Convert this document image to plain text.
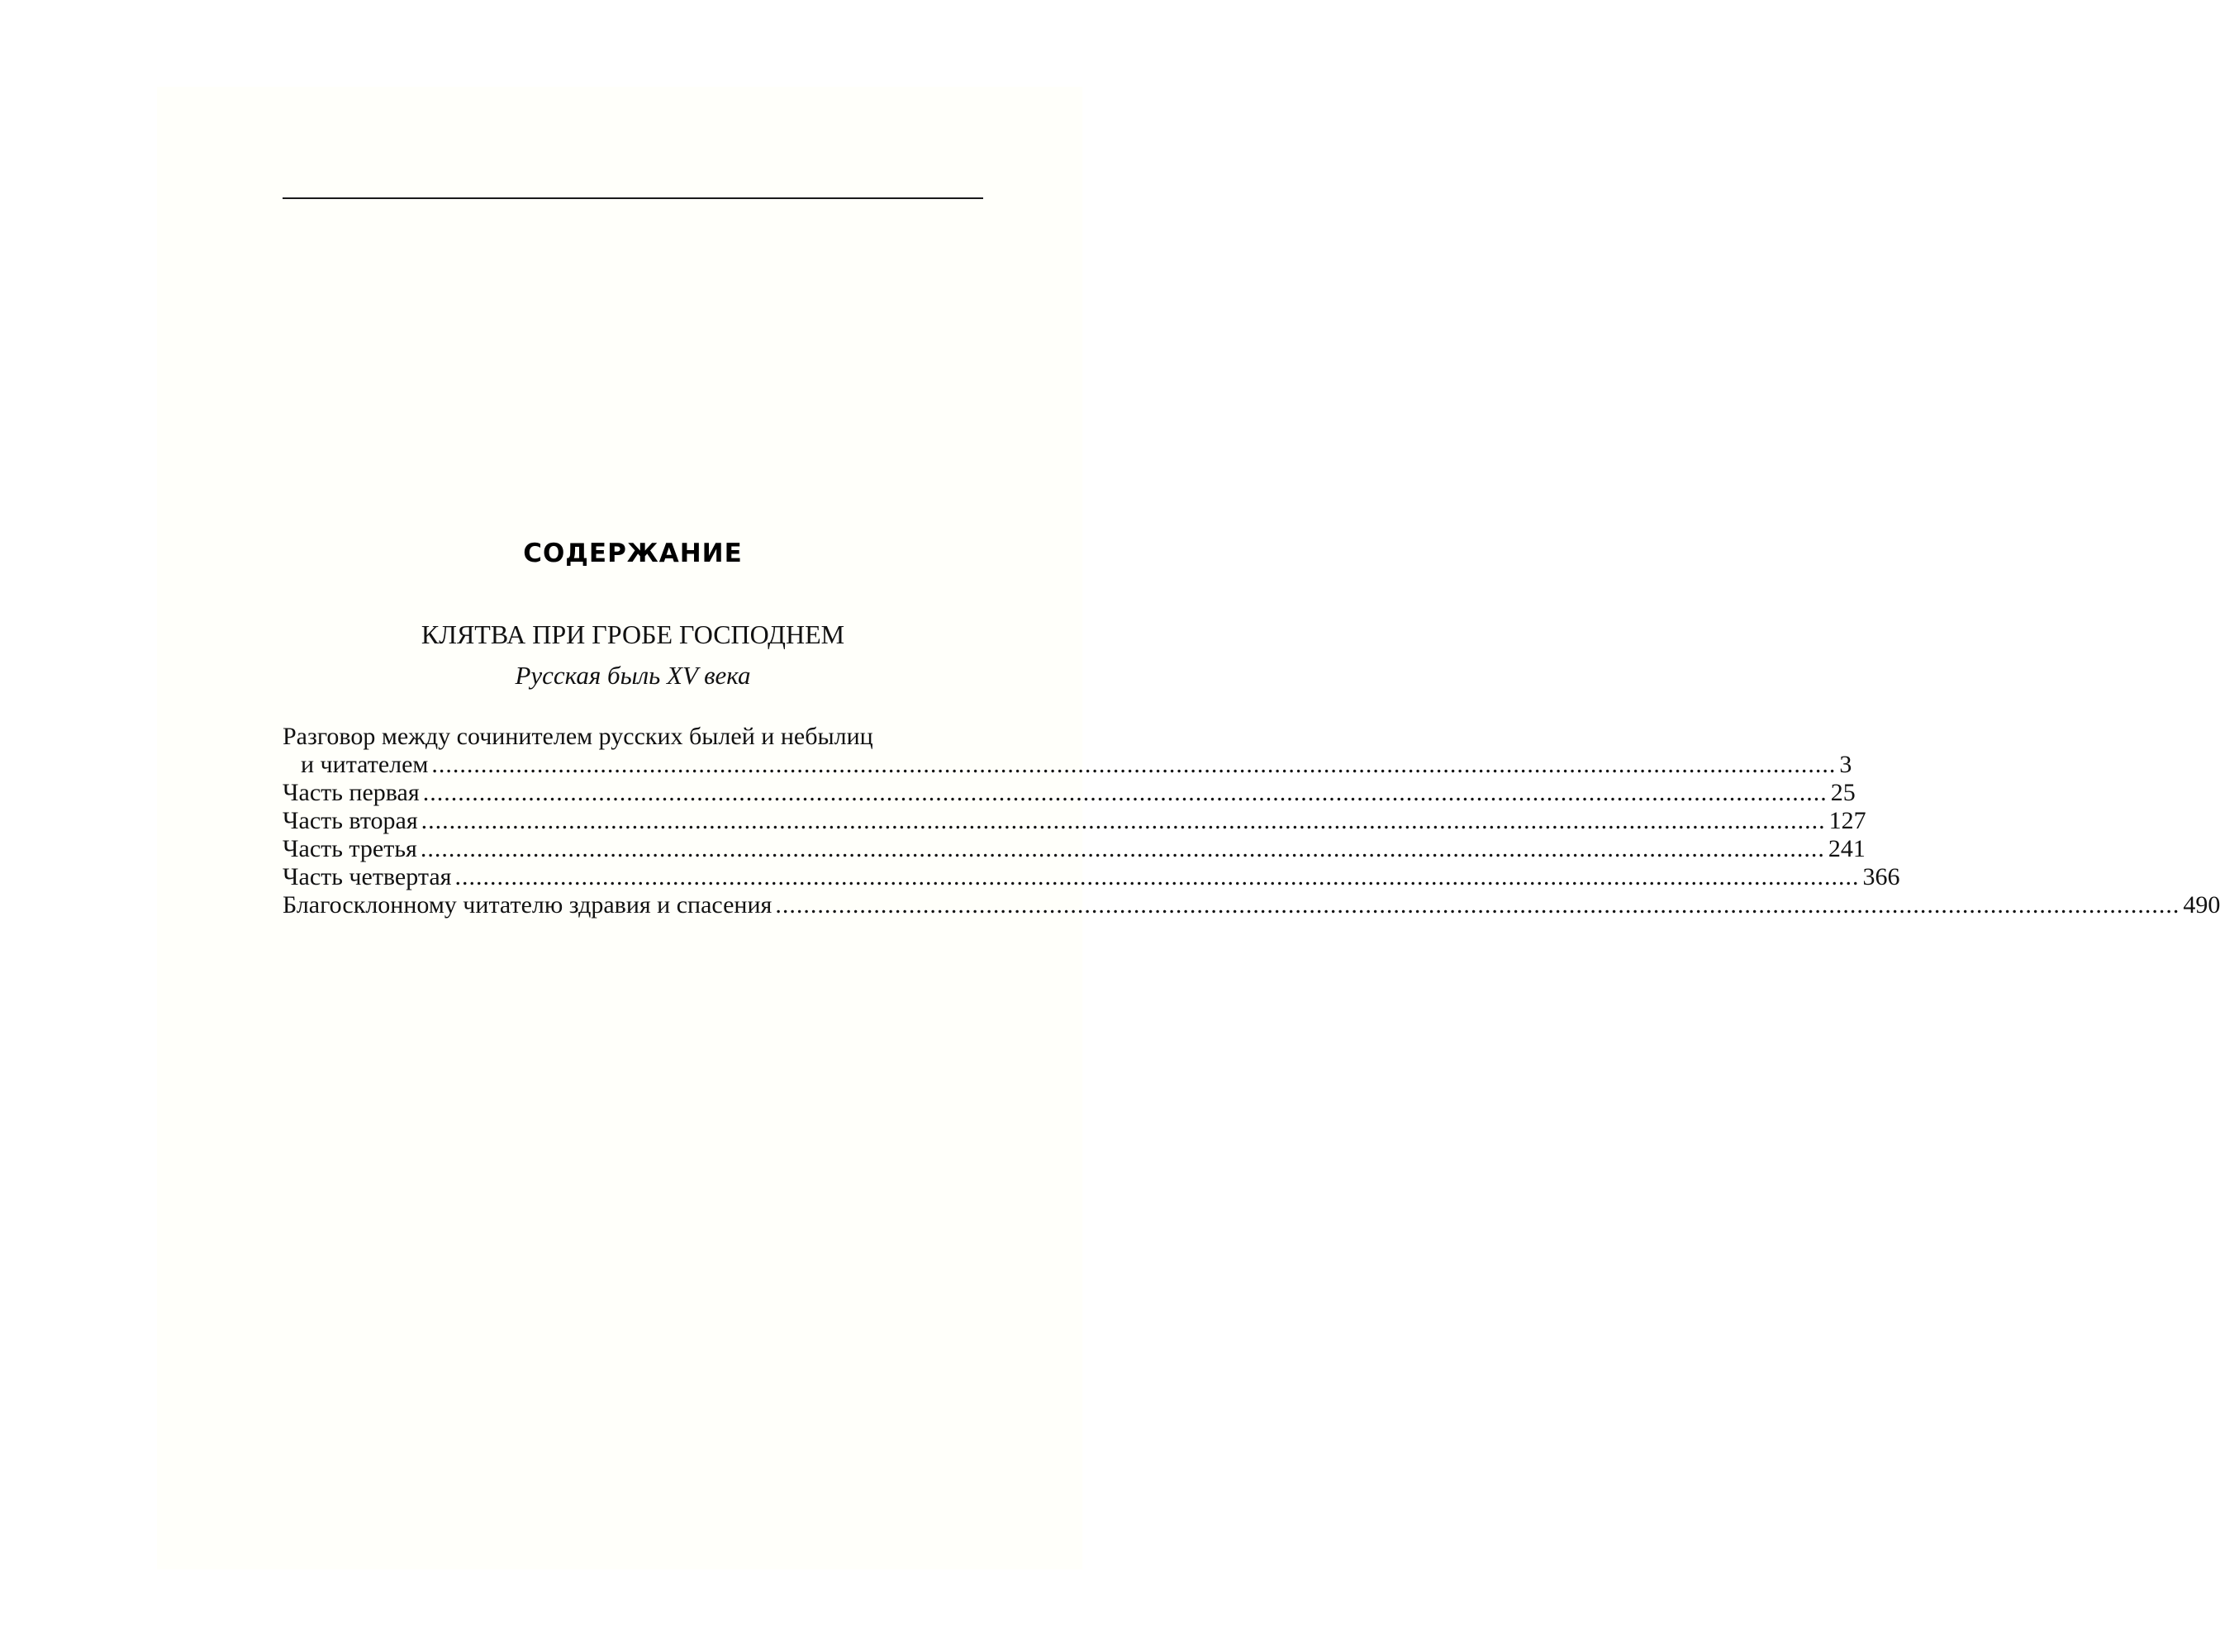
СОДЕРЖАНИЕ
КЛЯТВА ПРИ ГРОБЕ ГОСПОДНЕМ
Русская быль XV века
Разговор между сочинителем русских былей и небылиц
и читателем ........................................................................................................................................................................................................ 3
Часть первая ........................................................................................................................................................................................................ 25
Часть вторая ........................................................................................................................................................................................................ 127
Часть третья ........................................................................................................................................................................................................ 241
Часть четвертая ........................................................................................................................................................................................................ 366
Благосклонному читателю здравия и спасения ........................................................................................................................................................................................................ 490
